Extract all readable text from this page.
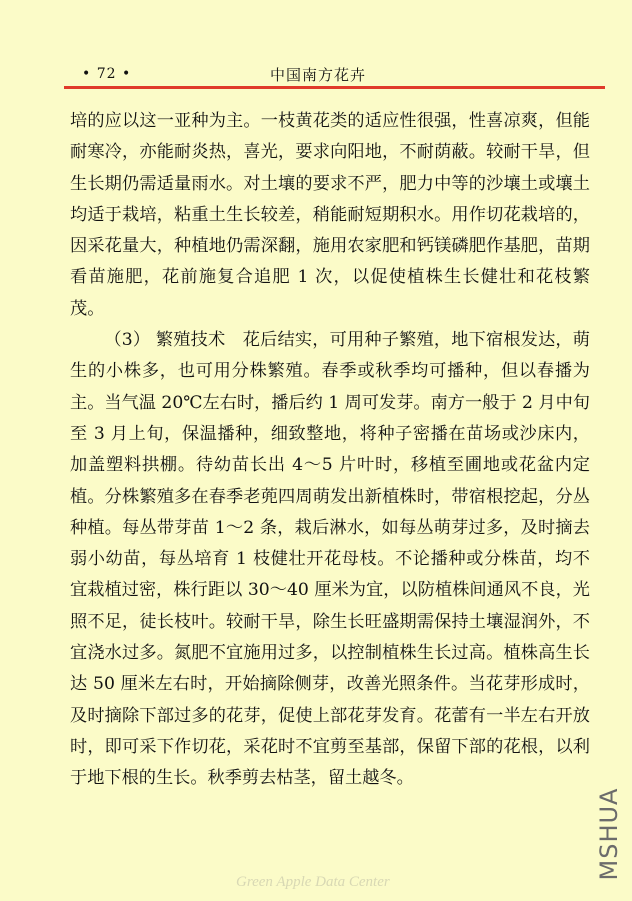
• 72 •	中国南方花卉

培的应以这一亚种为主。一枝黄花类的适应性很强，性喜凉爽，但能耐寒冷，亦能耐炎热，喜光，要求向阳地，不耐荫蔽。较耐干旱，但生长期仍需适量雨水。对土壤的要求不严，肥力中等的沙壤土或壤土均适于栽培，粘重土生长较差，稍能耐短期积水。用作切花栽培的，因采花量大，种植地仍需深翻，施用农家肥和钙镁磷肥作基肥，苗期看苗施肥，花前施复合追肥 1 次，以促使植株生长健壮和花枝繁茂。

（3） 繁殖技术　花后结实，可用种子繁殖，地下宿根发达，萌生的小株多，也可用分株繁殖。春季或秋季均可播种，但以春播为主。当气温 20℃左右时，播后约 1 周可发芽。南方一般于 2 月中旬至 3 月上旬，保温播种，细致整地，将种子密播在苗场或沙床内，加盖塑料拱棚。待幼苗长出 4～5 片叶时，移植至圃地或花盆内定植。分株繁殖多在春季老蔸四周萌发出新植株时，带宿根挖起，分丛种植。每丛带芽苗 1～2 条，栽后淋水，如每丛萌芽过多，及时摘去弱小幼苗，每丛培育 1 枝健壮开花母枝。不论播种或分株苗，均不宜栽植过密，株行距以 30～40 厘米为宜，以防植株间通风不良，光照不足，徒长枝叶。较耐干旱，除生长旺盛期需保持土壤湿润外，不宜浇水过多。氮肥不宜施用过多，以控制植株生长过高。植株高生长达 50 厘米左右时，开始摘除侧芽，改善光照条件。当花芽形成时，及时摘除下部过多的花芽，促使上部花芽发育。花蕾有一半左右开放时，即可采下作切花，采花时不宜剪至基部，保留下部的花根，以利于地下根的生长。秋季剪去枯茎，留土越冬。

MSHUA
Green Apple Data Center
